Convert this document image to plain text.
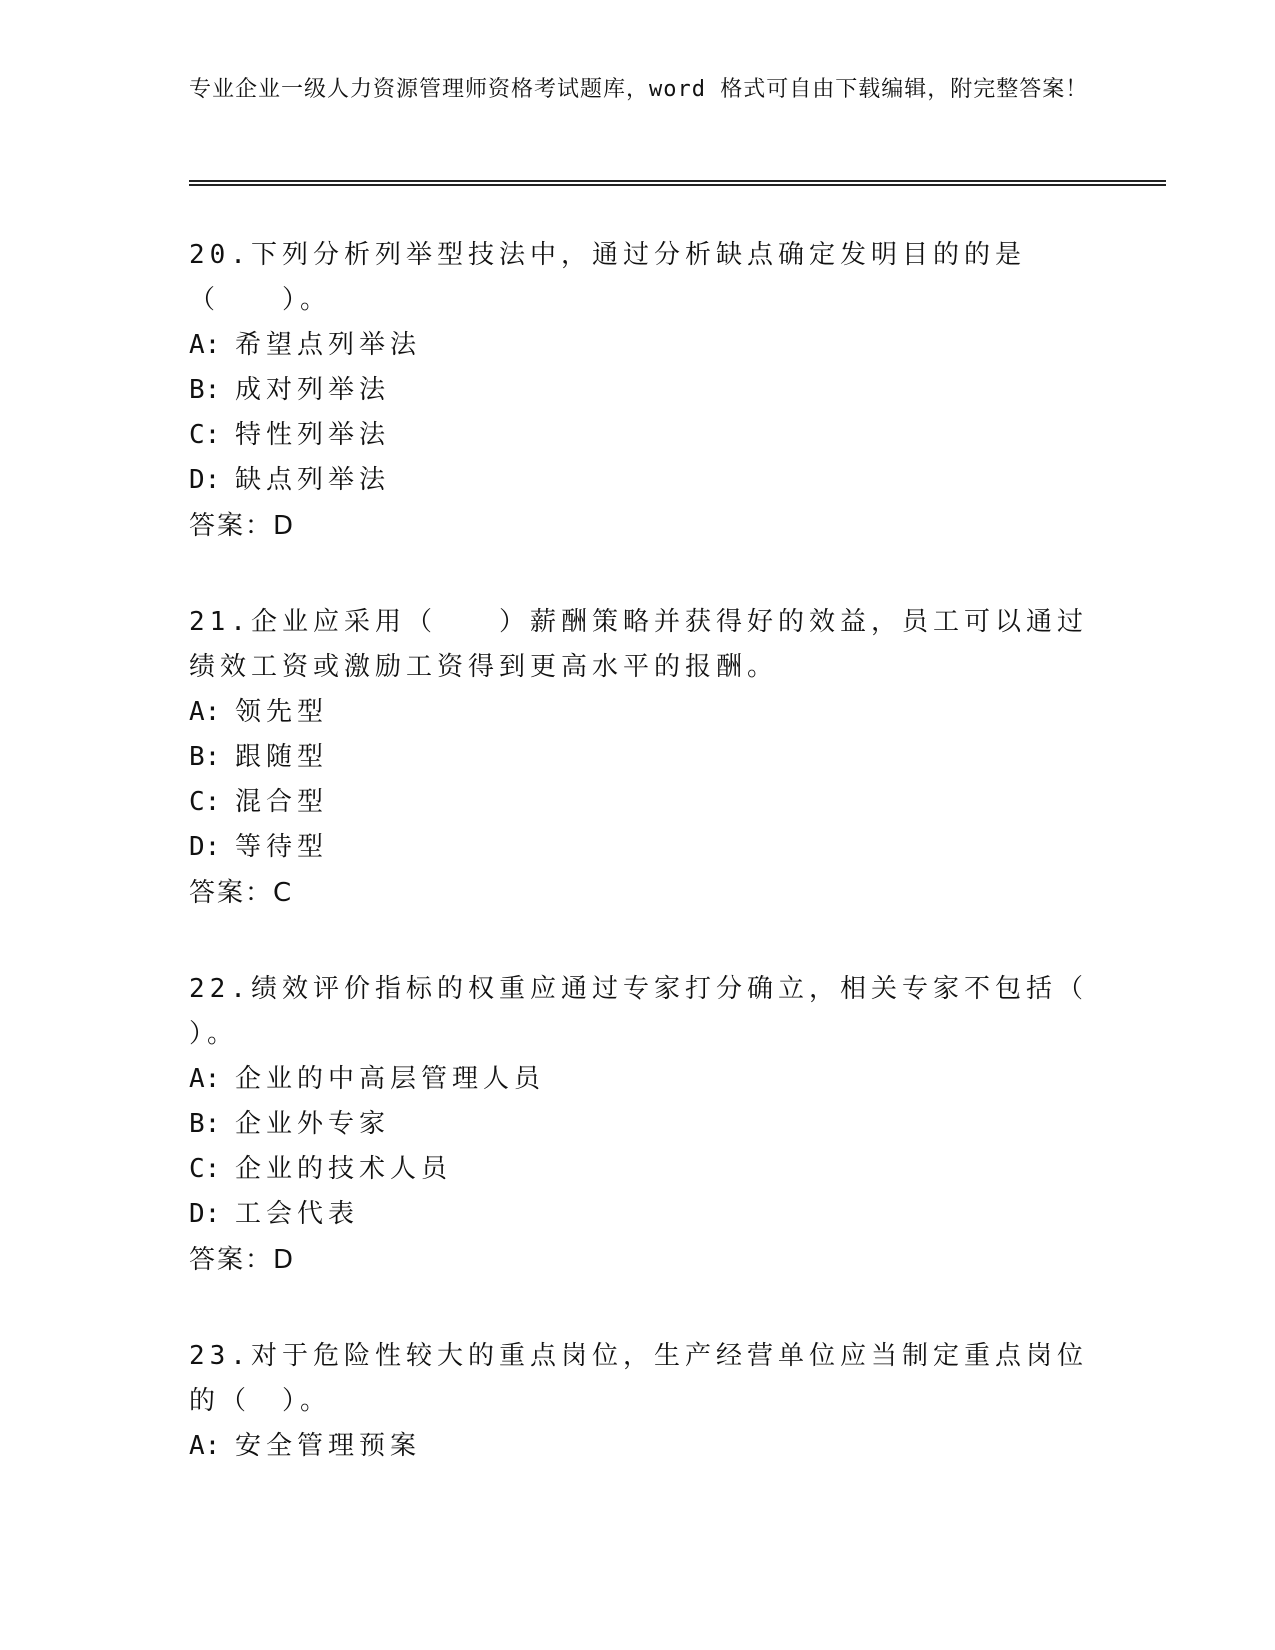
专业企业一级人力资源管理师资格考试题库，word 格式可自由下载编辑，附完整答案！

20.下列分析列举型技法中，通过分析缺点确定发明目的的是（　　）。

A: 希望点列举法

B: 成对列举法

C: 特性列举法

D: 缺点列举法

答案：D

21.企业应采用（　　）薪酬策略并获得好的效益，员工可以通过绩效工资或激励工资得到更高水平的报酬。

A: 领先型

B: 跟随型

C: 混合型

D: 等待型

答案：C

22.绩效评价指标的权重应通过专家打分确立，相关专家不包括（ ）。

A: 企业的中高层管理人员

B: 企业外专家

C: 企业的技术人员

D: 工会代表

答案：D

23.对于危险性较大的重点岗位，生产经营单位应当制定重点岗位的（　）。

A: 安全管理预案
